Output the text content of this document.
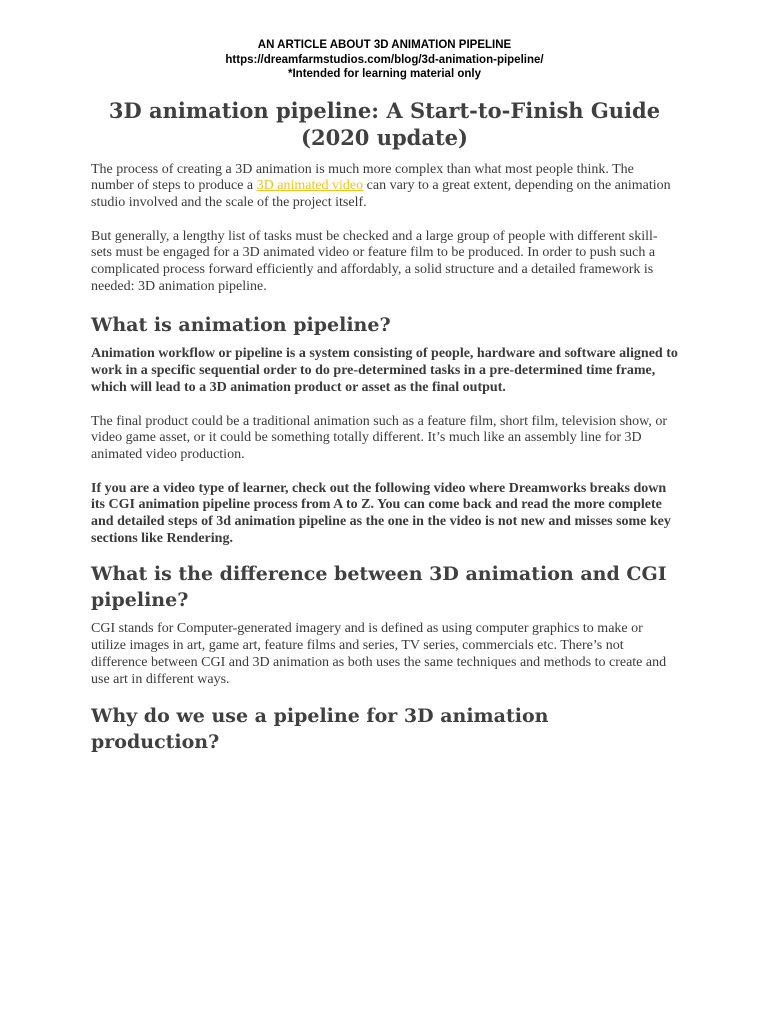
AN ARTICLE ABOUT 3D ANIMATION PIPELINE
https://dreamfarmstudios.com/blog/3d-animation-pipeline/
*Intended for learning material only
3D animation pipeline: A Start-to-Finish Guide (2020 update)

The process of creating a 3D animation is much more complex than what most people think. The number of steps to produce a 3D animated video can vary to a great extent, depending on the animation studio involved and the scale of the project itself.

But generally, a lengthy list of tasks must be checked and a large group of people with different skill-sets must be engaged for a 3D animated video or feature film to be produced. In order to push such a complicated process forward efficiently and affordably, a solid structure and a detailed framework is needed: 3D animation pipeline.

What is animation pipeline?

Animation workflow or pipeline is a system consisting of people, hardware and software aligned to work in a specific sequential order to do pre-determined tasks in a pre-determined time frame, which will lead to a 3D animation product or asset as the final output.

The final product could be a traditional animation such as a feature film, short film, television show, or video game asset, or it could be something totally different. It’s much like an assembly line for 3D animated video production.

If you are a video type of learner, check out the following video where Dreamworks breaks down its CGI animation pipeline process from A to Z. You can come back and read the more complete and detailed steps of 3d animation pipeline as the one in the video is not new and misses some key sections like Rendering.

What is the difference between 3D animation and CGI pipeline?

CGI stands for Computer-generated imagery and is defined as using computer graphics to make or utilize images in art, game art, feature films and series, TV series, commercials etc. There’s not difference between CGI and 3D animation as both uses the same techniques and methods to create and use art in different ways.

Why do we use a pipeline for 3D animation production?
